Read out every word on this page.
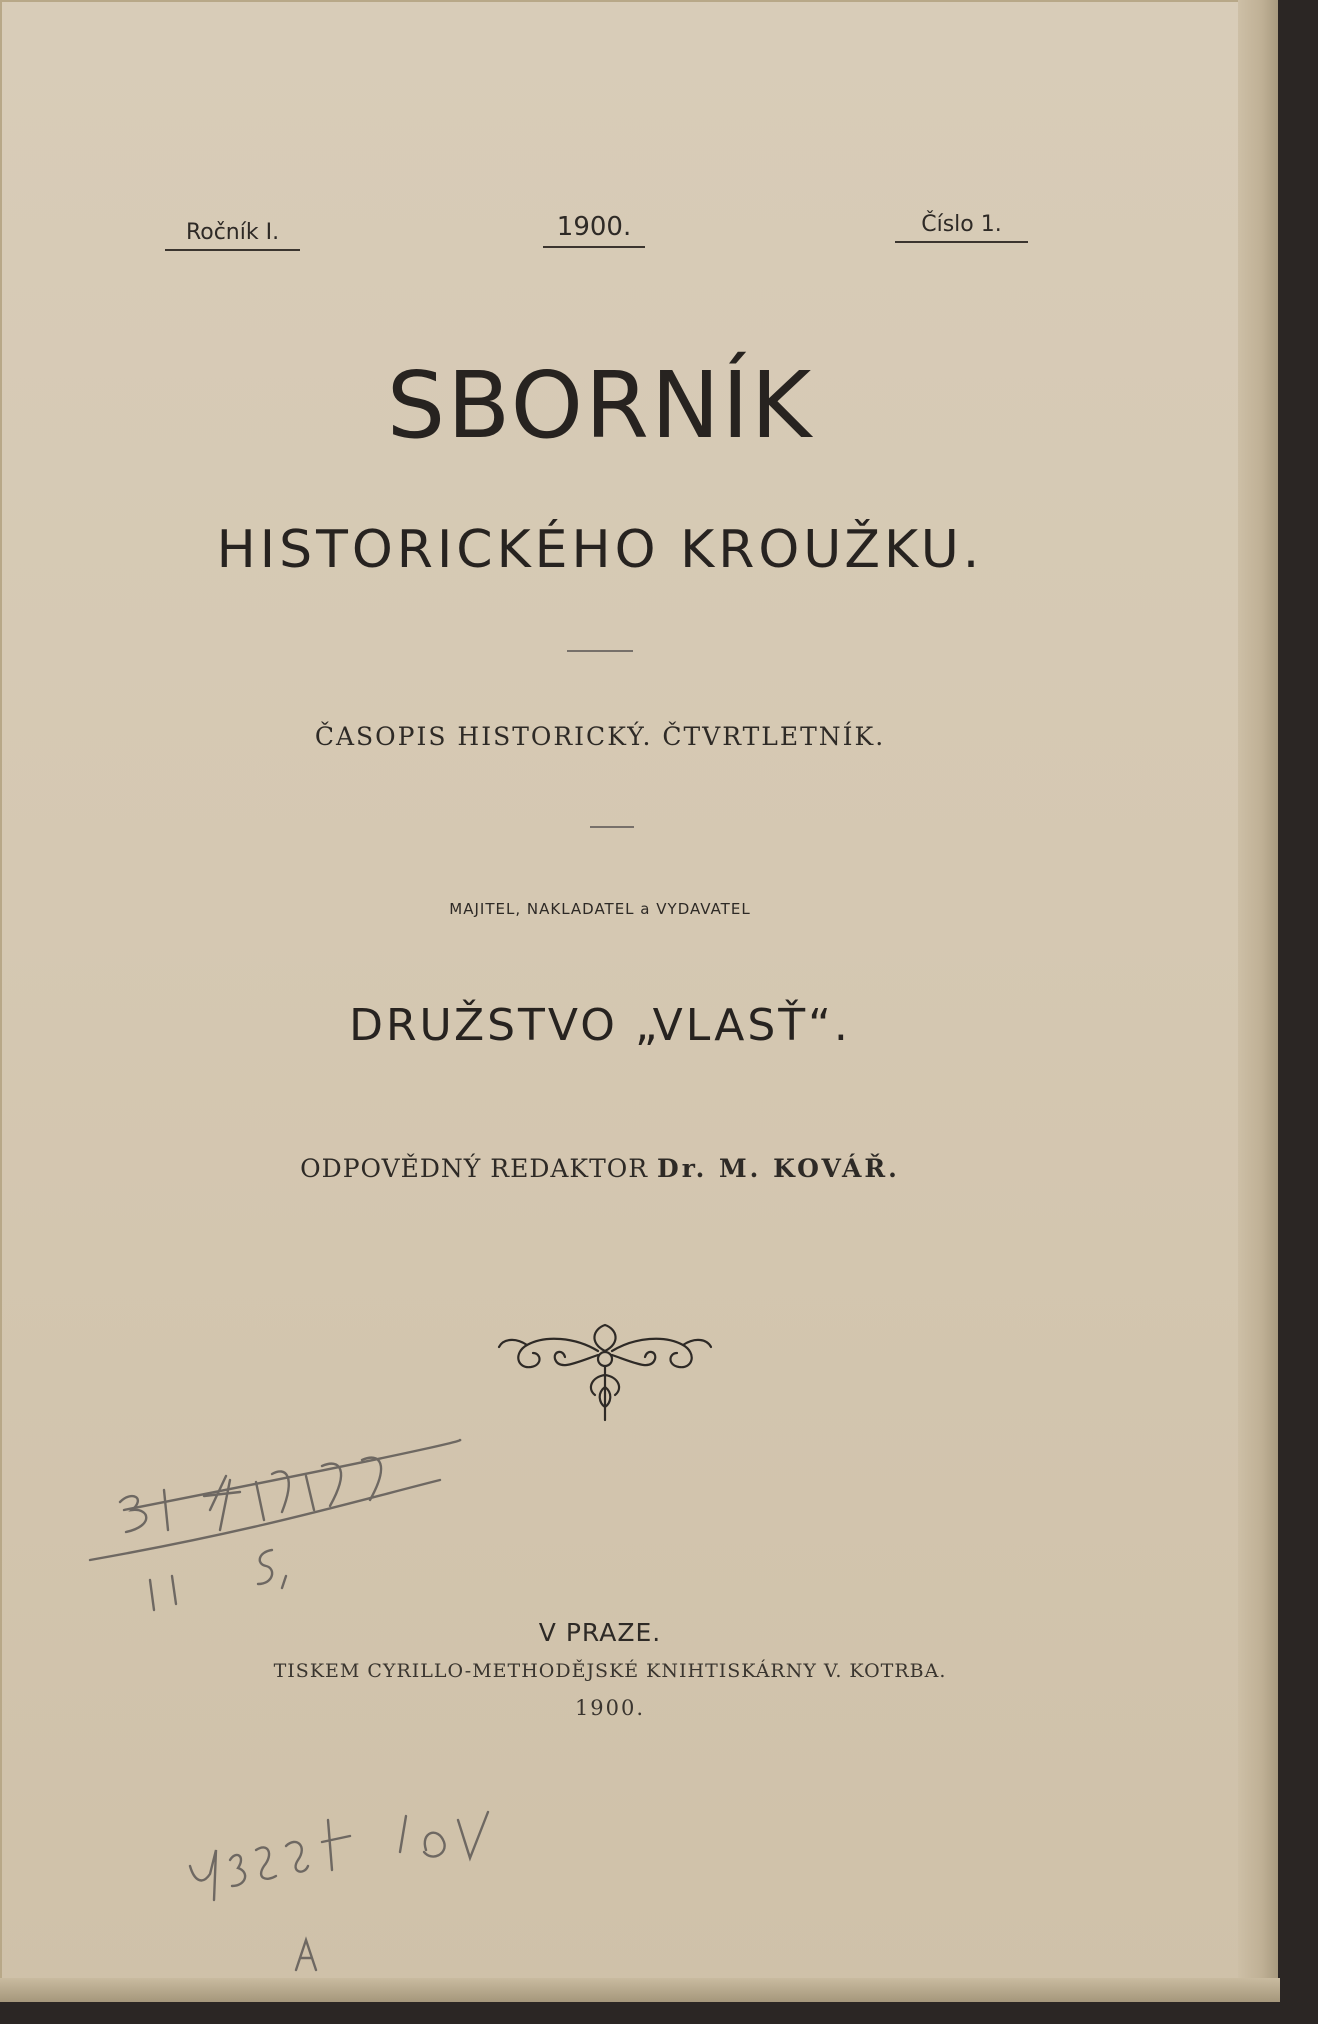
Ročník I.	1900.	Číslo 1.
SBORNÍK
HISTORICKÉHO KROUŽKU.
ČASOPIS HISTORICKÝ. ČTVRTLETNÍK.
MAJITEL, NAKLADATEL a VYDAVATEL
DRUŽSTVO „VLASŤ“.
ODPOVĚDNÝ REDAKTOR Dr. M. KOVÁŘ.
V PRAZE.
TISKEM CYRILLO-METHODĚJSKÉ KNIHTISKÁRNY V. KOTRBA.
1900.
